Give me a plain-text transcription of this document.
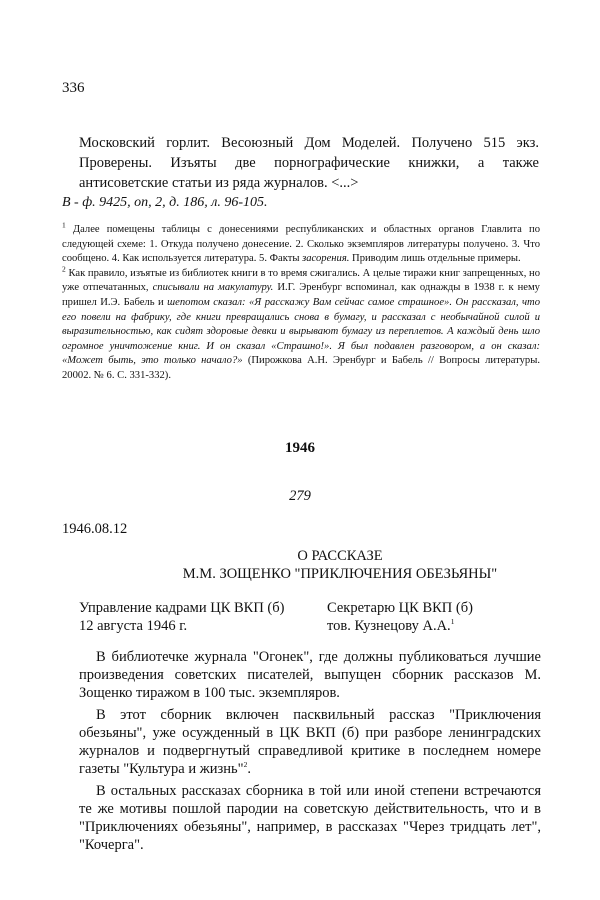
336
Московский горлит. Весоюзный Дом Моделей. Получено 515 экз. Проверены. Изъяты две порнографические книжки, а также антисоветские статьи из ряда журналов. <...>
В - ф. 9425, оп, 2, д. 186, л. 96-105.
$^1$ Далее помещены таблицы с донесениями республиканских и областных органов Главлита по следующей схеме: 1. Откуда получено донесение. 2. Сколько экземпляров литературы получено. 3. Что сообщено. 4. Как используется литература. 5. Факты засорения. Приводим лишь отдельные примеры.
$^2$ Как правило, изъятые из библиотек книги в то время сжигались. А целые тиражи книг запрещенных, но уже отпечатанных, списывали на макулатуру. И.Г. Эренбург вспоминал, как однажды в 1938 г. к нему пришел И.Э. Бабель и шепотом сказал: «Я расскажу Вам сейчас самое страшное». Он рассказал, что его повели на фабрику, где книги превращались снова в бумагу, и рассказал с необычайной силой и выразительностью, как сидят здоровые девки и вырывают бумагу из переплетов. А каждый день шло огромное уничтожение книг. И он сказал «Страшно!». Я был подавлен разговором, а он сказал: «Может быть, это только начало?» (Пирожкова А.Н. Эренбург и Бабель // Вопросы литературы. 20002. № 6. С. 331-332).
1946
279
1946.08.12
О РАССКАЗЕ
М.М. ЗОЩЕНКО "ПРИКЛЮЧЕНИЯ ОБЕЗЬЯНЫ"
Управление кадрами ЦК ВКП (б)
12 августа 1946 г.
Секретарю ЦК ВКП (б)
тов. Кузнецову А.А.$^1$

В библиотечке журнала "Огонек", где должны публиковаться лучшие произведения советских писателей, выпущен сборник рассказов М. Зощенко тиражом в 100 тыс. экземпляров.

В этот сборник включен пасквильный рассказ "Приключения обезьяны", уже осужденный в ЦК ВКП (б) при разборе ленинградских журналов и подвергнутый справедливой критике в последнем номере газеты "Культура и жизнь"$^2$.

В остальных рассказах сборника в той или иной степени встречаются те же мотивы пошлой пародии на советскую действительность, что и в "Приключениях обезьяны", например, в рассказах "Через тридцать лет", "Кочерга".
